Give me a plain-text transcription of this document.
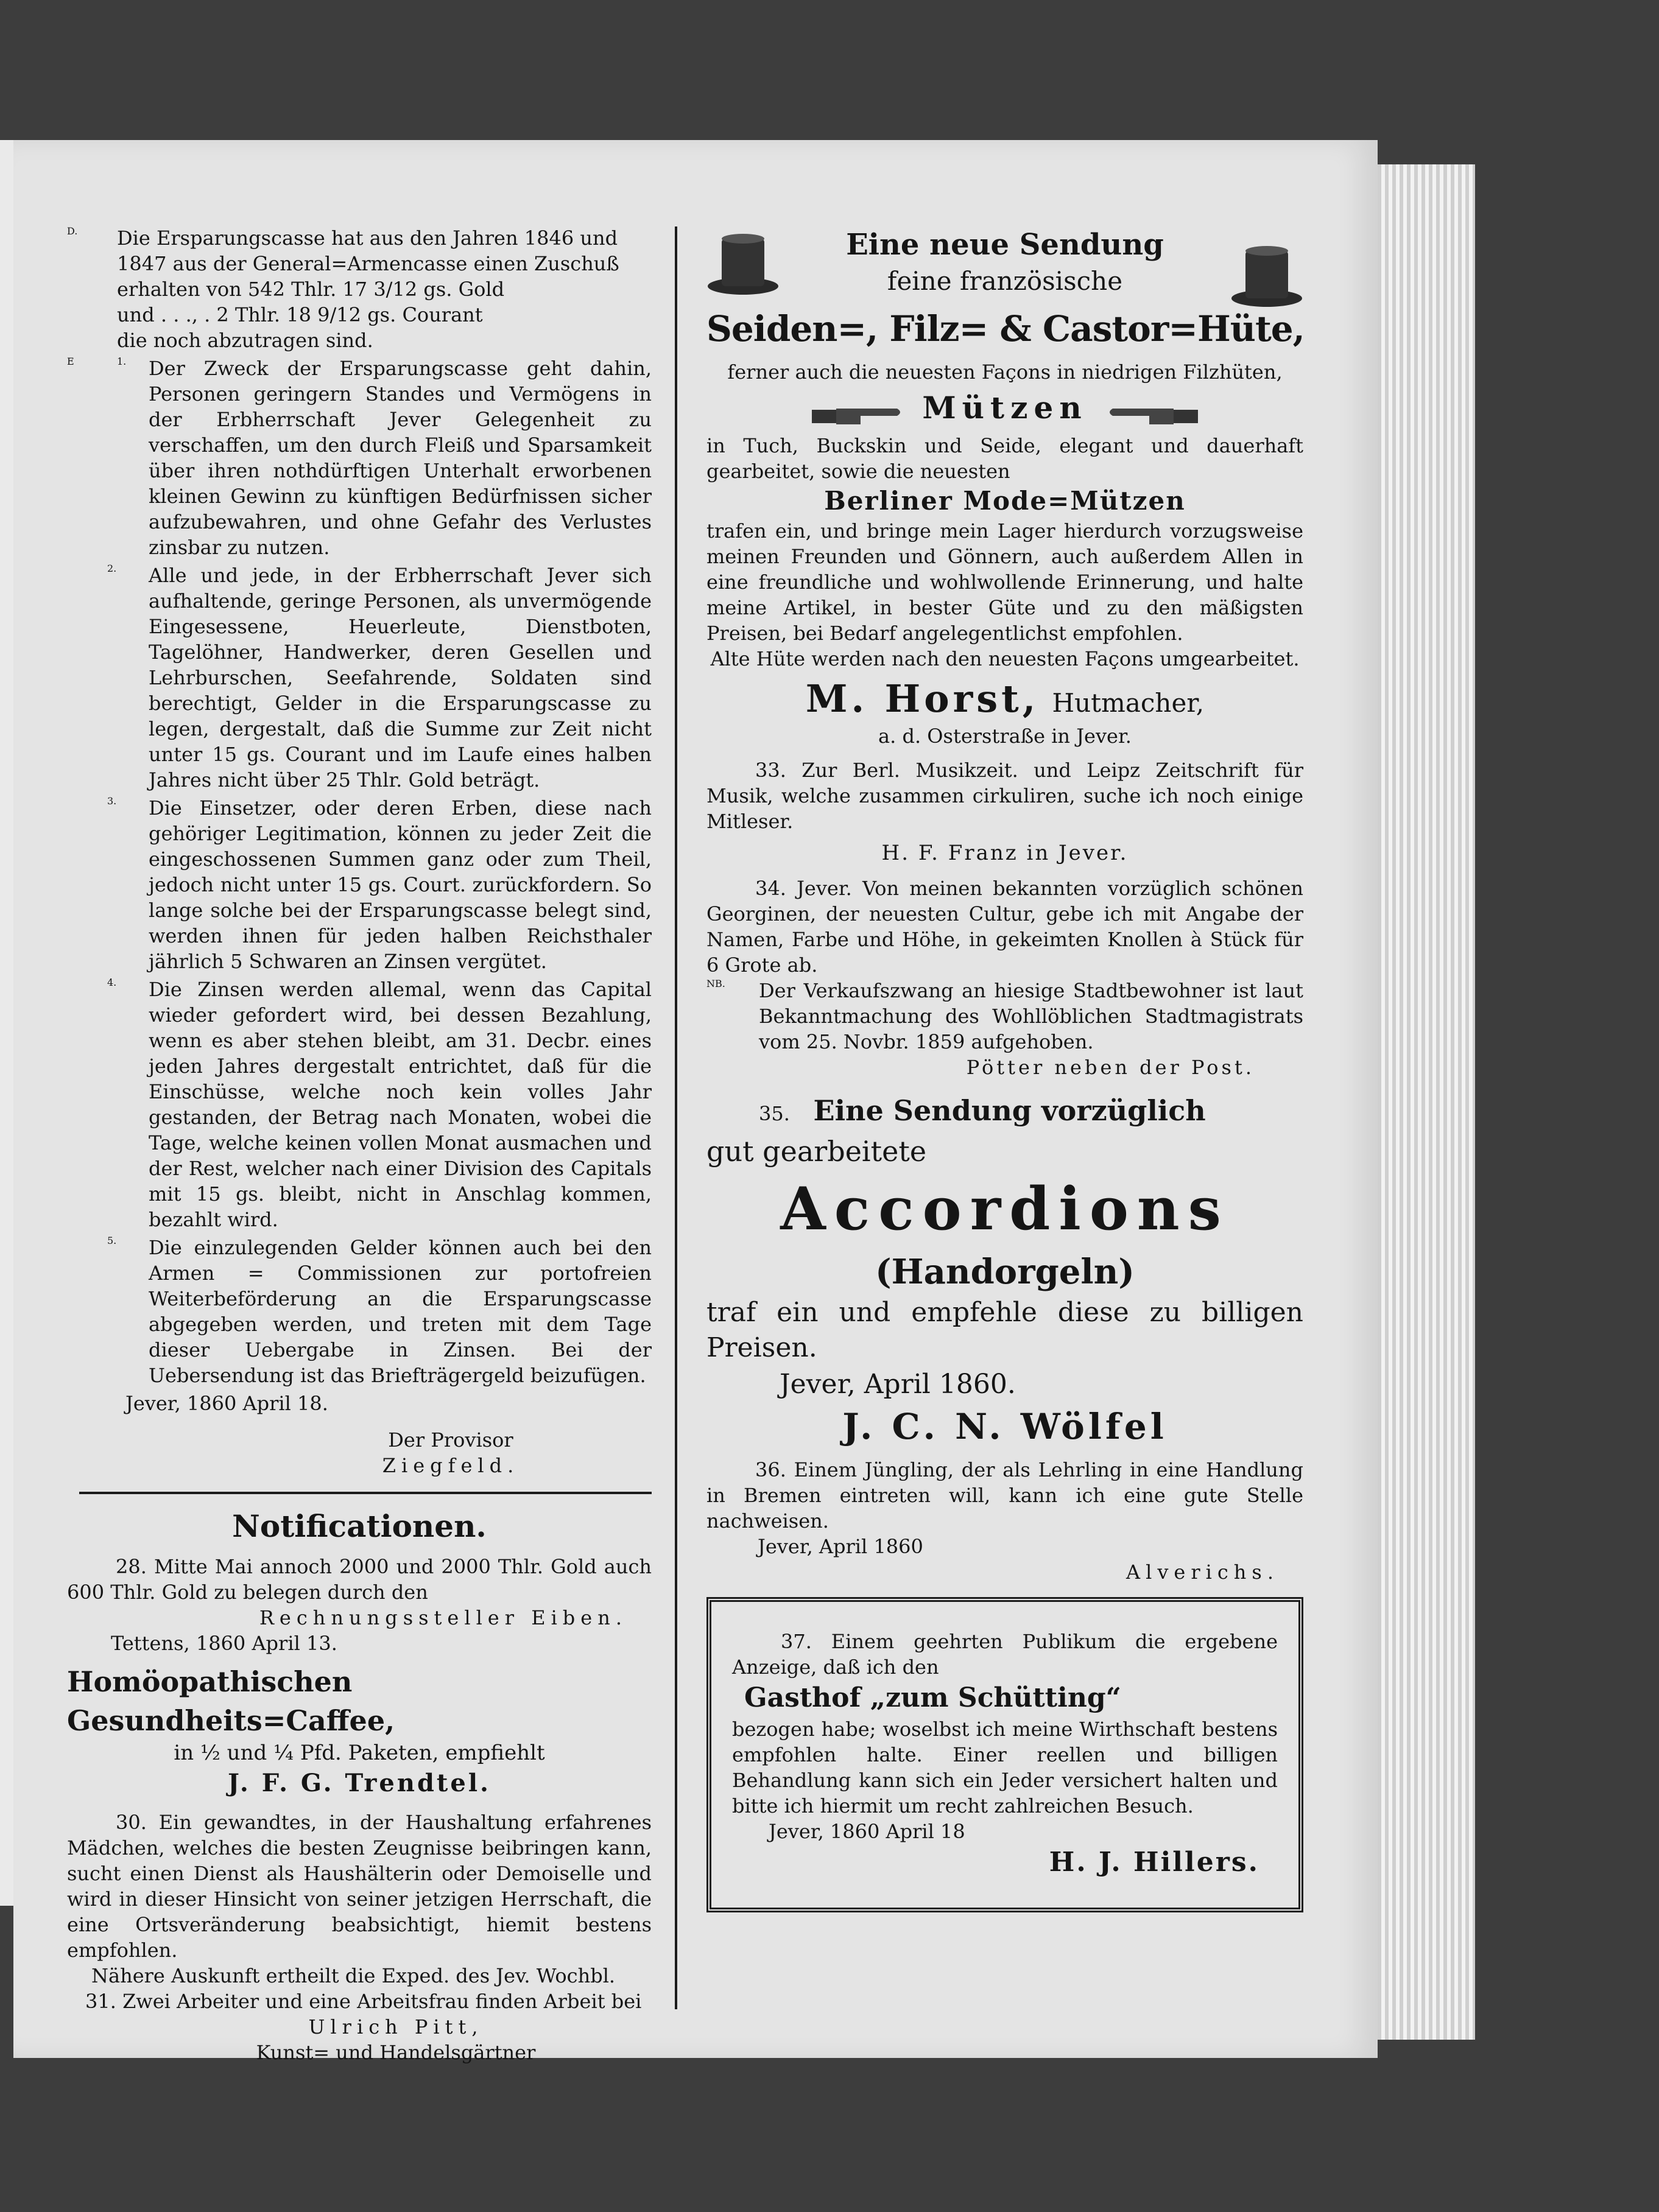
D. Die Ersparungscasse hat aus den Jahren 1846 und

1847 aus der General=Armencasse einen Zuschuß

erhalten von 542 Thlr. 17 3/12 gs. Gold

und . . ., . 2 Thlr. 18 9/12 gs. Courant

die noch abzutragen sind.

E	1. Der Zweck der Ersparungscasse geht dahin, Personen geringern Standes und Vermögens in der Erbherrschaft Jever Gelegenheit zu verschaffen, um den durch Fleiß und Sparsamkeit über ihren nothdürftigen Unterhalt erworbenen kleinen Gewinn zu künftigen Bedürfnissen sicher aufzubewahren, und ohne Gefahr des Verlustes zinsbar zu nutzen.

2. Alle und jede, in der Erbherrschaft Jever sich aufhaltende, geringe Personen, als unvermögende Eingesessene, Heuerleute, Dienstboten, Tagelöhner, Handwerker, deren Gesellen und Lehrburschen, Seefahrende, Soldaten sind berechtigt, Gelder in die Ersparungscasse zu legen, dergestalt, daß die Summe zur Zeit nicht unter 15 gs. Courant und im Laufe eines halben Jahres nicht über 25 Thlr. Gold beträgt.

3. Die Einsetzer, oder deren Erben, diese nach gehöriger Legitimation, können zu jeder Zeit die eingeschossenen Summen ganz oder zum Theil, jedoch nicht unter 15 gs. Court. zurückfordern. So lange solche bei der Ersparungscasse belegt sind, werden ihnen für jeden halben Reichsthaler jährlich 5 Schwaren an Zinsen vergütet.

4. Die Zinsen werden allemal, wenn das Capital wieder gefordert wird, bei dessen Bezahlung, wenn es aber stehen bleibt, am 31. Decbr. eines jeden Jahres dergestalt entrichtet, daß für die Einschüsse, welche noch kein volles Jahr gestanden, der Betrag nach Monaten, wobei die Tage, welche keinen vollen Monat ausmachen und der Rest, welcher nach einer Division des Capitals mit 15 gs. bleibt, nicht in Anschlag kommen, bezahlt wird.

5. Die einzulegenden Gelder können auch bei den Armen = Commissionen zur portofreien Weiterbeförderung an die Ersparungscasse abgegeben werden, und treten mit dem Tage dieser Uebergabe in Zinsen. Bei der Uebersendung ist das Briefträgergeld beizufügen.

Jever, 1860 April 18.

Der Provisor

Ziegfeld.

Notificationen.

28. Mitte Mai annoch 2000 und 2000 Thlr. Gold auch 600 Thlr. Gold zu belegen durch den

Rechnungssteller Eiben.

Tettens, 1860 April 13.

Homöopathischen Gesundheits=Caffee,

in ½ und ¼ Pfd. Paketen, empfiehlt

J. F. G. Trendtel.

30. Ein gewandtes, in der Haushaltung erfahrenes Mädchen, welches die besten Zeugnisse beibringen kann, sucht einen Dienst als Haushälterin oder Demoiselle und wird in dieser Hinsicht von seiner jetzigen Herrschaft, die eine Ortsveränderung beabsichtigt, hiemit bestens empfohlen.

Nähere Auskunft ertheilt die Exped. des Jev. Wochbl.

31. Zwei Arbeiter und eine Arbeitsfrau finden Arbeit bei

Ulrich Pitt,

Kunst= und Handelsgärtner

Eine neue Sendung

feine französische

Seiden=, Filz= & Castor=Hüte,

ferner auch die neuesten Façons in niedrigen Filzhüten,

Mützen

in Tuch, Buckskin und Seide, elegant und dauerhaft gearbeitet, sowie die neuesten

Berliner Mode=Mützen

trafen ein, und bringe mein Lager hierdurch vorzugsweise meinen Freunden und Gönnern, auch außerdem Allen in eine freundliche und wohlwollende Erinnerung, und halte meine Artikel, in bester Güte und zu den mäßigsten Preisen, bei Bedarf angelegentlichst empfohlen.

Alte Hüte werden nach den neuesten Façons umgearbeitet.

M. Horst, Hutmacher,

a. d. Osterstraße in Jever.

33. Zur Berl. Musikzeit. und Leipz Zeitschrift für Musik, welche zusammen cirkuliren, suche ich noch einige Mitleser.

H. F. Franz in Jever.

34. Jever. Von meinen bekannten vorzüglich schönen Georginen, der neuesten Cultur, gebe ich mit Angabe der Namen, Farbe und Höhe, in gekeimten Knollen à Stück für 6 Grote ab.

NB. Der Verkaufszwang an hiesige Stadtbewohner ist laut Bekanntmachung des Wohllöblichen Stadtmagistrats vom 25. Novbr. 1859 aufgehoben.

Pötter neben der Post.

35. Eine Sendung vorzüglich

gut gearbeitete

Accordions

(Handorgeln)

traf ein und empfehle diese zu billigen Preisen.

Jever, April 1860.

J. C. N. Wölfel

36. Einem Jüngling, der als Lehrling in eine Handlung in Bremen eintreten will, kann ich eine gute Stelle nachweisen.

Jever, April 1860

Alverichs.

37. Einem geehrten Publikum die ergebene Anzeige, daß ich den

Gasthof „zum Schütting“

bezogen habe; woselbst ich meine Wirthschaft bestens empfohlen halte. Einer reellen und billigen Behandlung kann sich ein Jeder versichert halten und bitte ich hiermit um recht zahlreichen Besuch.

Jever, 1860 April 18

H. J. Hillers.
